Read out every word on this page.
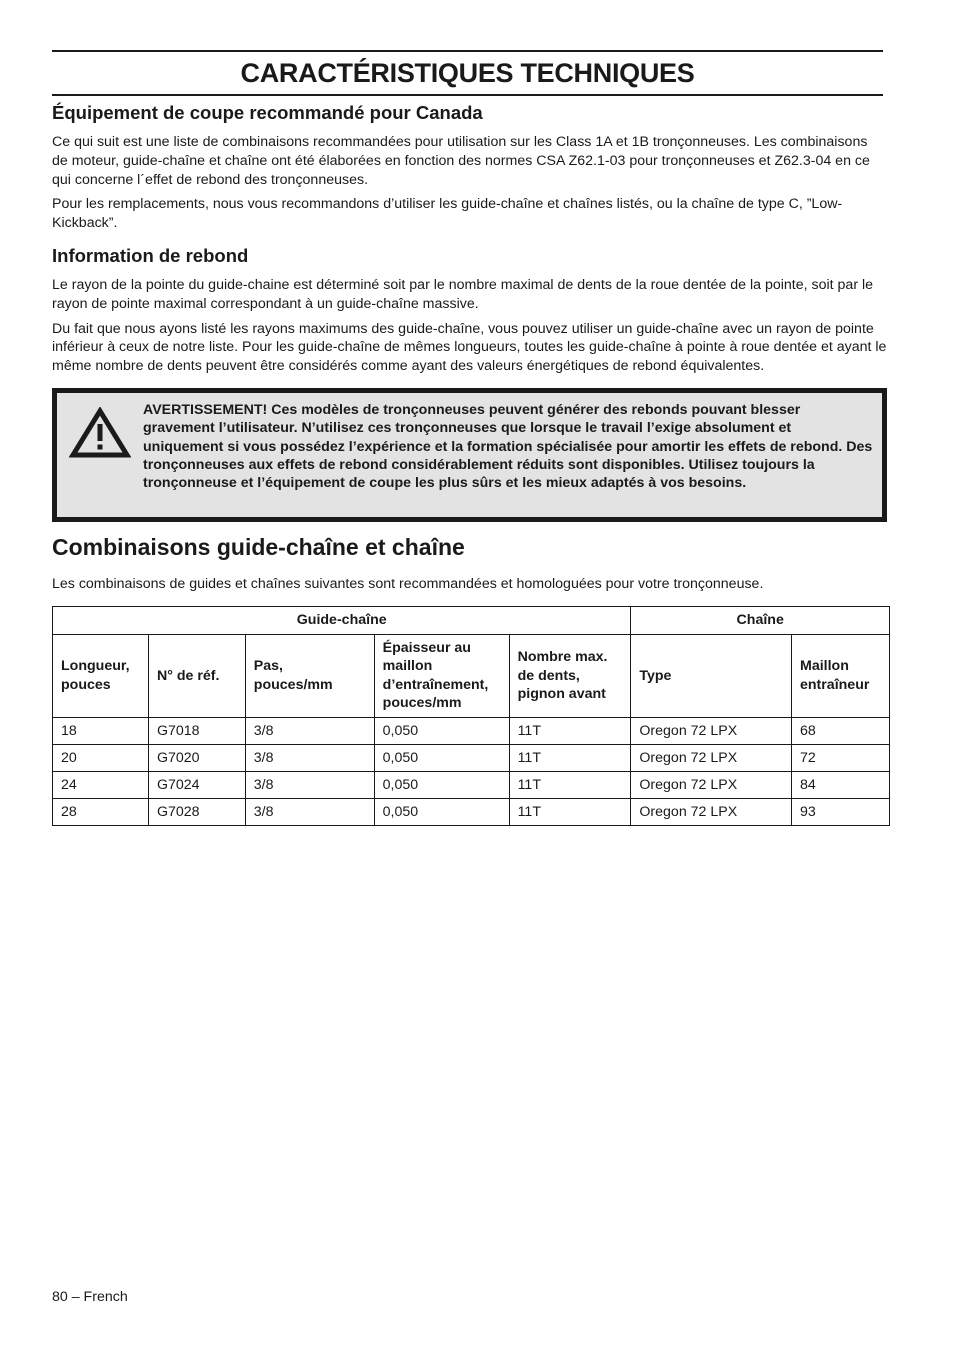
CARACTÉRISTIQUES TECHNIQUES
Équipement de coupe recommandé pour Canada

Ce qui suit est une liste de combinaisons recommandées pour utilisation sur les Class 1A et 1B tronçonneuses. Les combinaisons de moteur, guide-chaîne et chaîne ont été élaborées en fonction des normes CSA Z62.1-03 pour tronçonneuses et Z62.3-04 en ce qui concerne l´effet de rebond des tronçonneuses.

Pour les remplacements, nous vous recommandons d’utiliser les guide-chaîne et chaînes listés, ou la chaîne de type C, ”Low-Kickback”.

Information de rebond

Le rayon de la pointe du guide-chaine est déterminé soit par le nombre maximal de dents de la roue dentée de la pointe, soit par le rayon de pointe maximal correspondant à un guide-chaîne massive.

Du fait que nous ayons listé les rayons maximums des guide-chaîne, vous pouvez utiliser un guide-chaîne avec un rayon de pointe inférieur à ceux de notre liste. Pour les guide-chaîne de mêmes longueurs, toutes les guide-chaîne à pointe à roue dentée et ayant le même nombre de dents peuvent être considérés comme ayant des valeurs énergétiques de rebond équivalentes.

AVERTISSEMENT! Ces modèles de tronçonneuses peuvent générer des rebonds pouvant blesser gravement l’utilisateur. N’utilisez ces tronçonneuses que lorsque le travail l’exige absolument et uniquement si vous possédez l’expérience et la formation spécialisée pour amortir les effets de rebond. Des tronçonneuses aux effets de rebond considérablement réduits sont disponibles. Utilisez toujours la tronçonneuse et l’équipement de coupe les plus sûrs et les mieux adaptés à vos besoins.

Combinaisons guide-chaîne et chaîne

Les combinaisons de guides et chaînes suivantes sont recommandées et homologuées pour votre tronçonneuse.

Guide-chaîne					Chaîne	
Longueur, pouces	N° de réf.	Pas, pouces/mm	Épaisseur au maillon d’entraînement, pouces/mm	Nombre max. de dents, pignon avant	Type	Maillon entraîneur
18	G7018	3/8	0,050	11T	Oregon 72 LPX	68
20	G7020	3/8	0,050	11T	Oregon 72 LPX	72
24	G7024	3/8	0,050	11T	Oregon 72 LPX	84
28	G7028	3/8	0,050	11T	Oregon 72 LPX	93
80 – French
